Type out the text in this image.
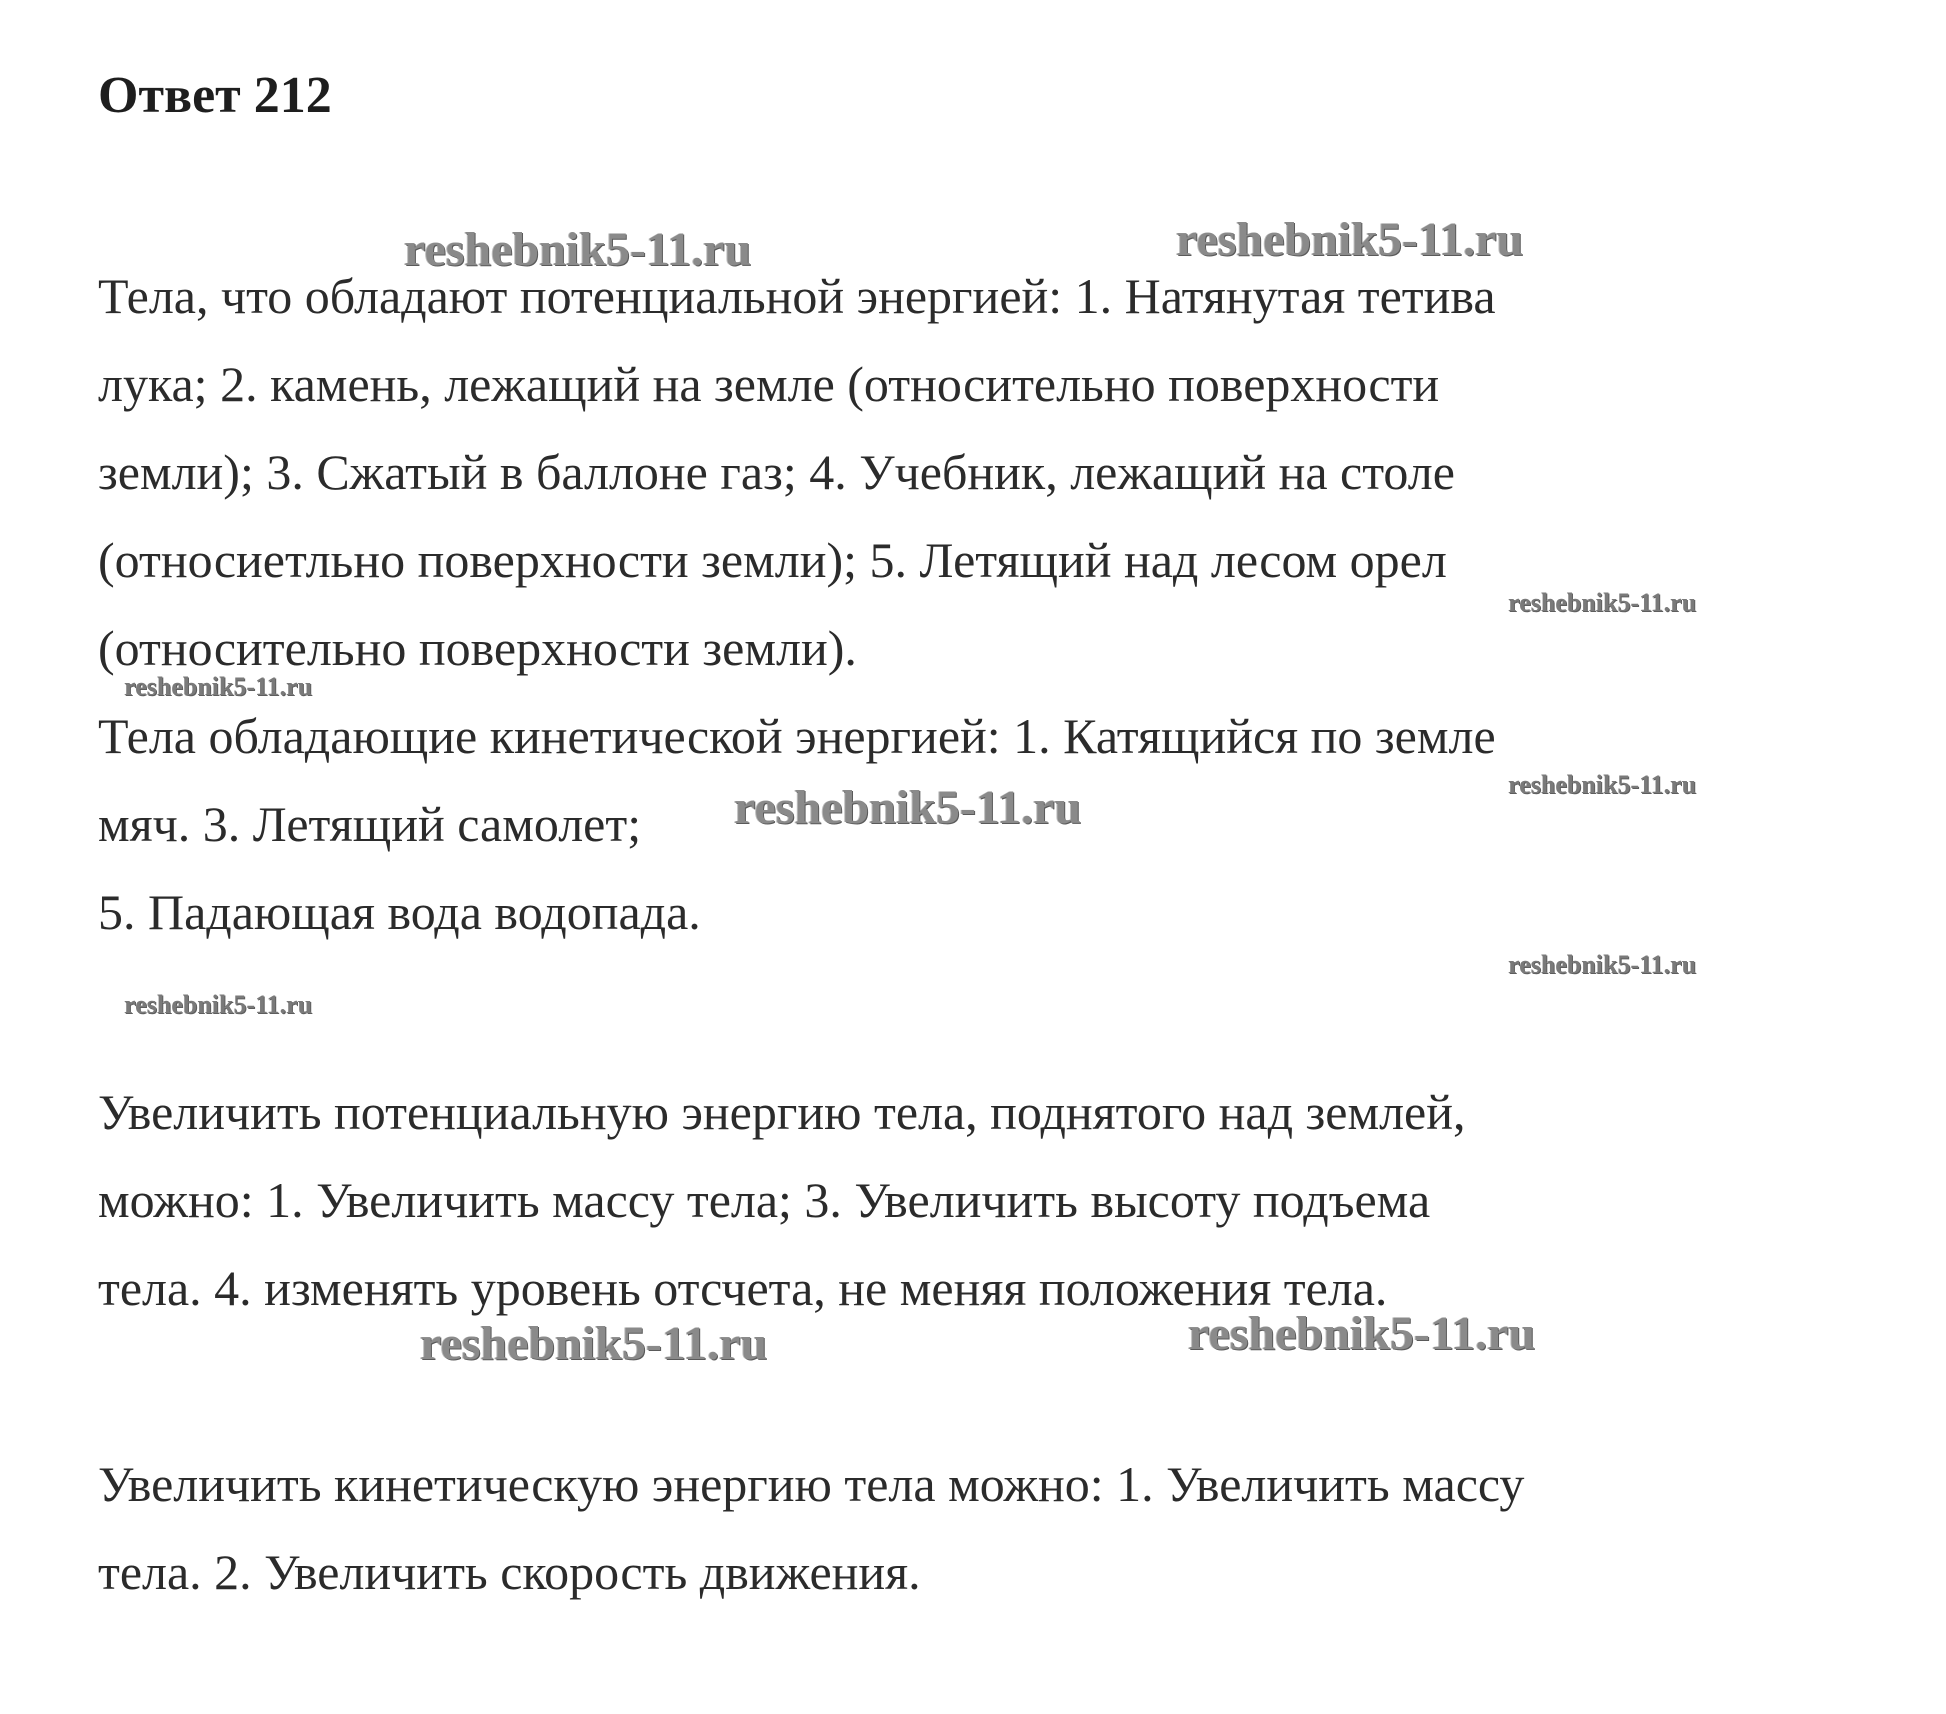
Ответ 212

Тела, что обладают потенциальной энергией: 1. Натянутая тетива
лука; 2. камень, лежащий на земле (относительно поверхности
земли); 3. Сжатый в баллоне газ; 4. Учебник, лежащий на столе
(относиетльно поверхности земли); 5. Летящий над лесом орел
(относительно поверхности земли).

Тела обладающие кинетической энергией: 1. Катящийся по земле
мяч. 3. Летящий самолет;
5. Падающая вода водопада.

Увеличить потенциальную энергию тела, поднятого над землей,
можно: 1. Увеличить массу тела; 3. Увеличить высоту подъема
тела. 4. изменять уровень отсчета, не меняя положения тела.

Увеличить кинетическую энергию тела можно: 1. Увеличить массу
тела. 2. Увеличить скорость движения.

reshebnik5-11.ru	reshebnik5-11.ru

reshebnik5-11.ru

reshebnik5-11.ru

reshebnik5-11.ru

reshebnik5-11.ru

reshebnik5-11.ru

reshebnik5-11.ru

reshebnik5-11.ru	reshebnik5-11.ru
